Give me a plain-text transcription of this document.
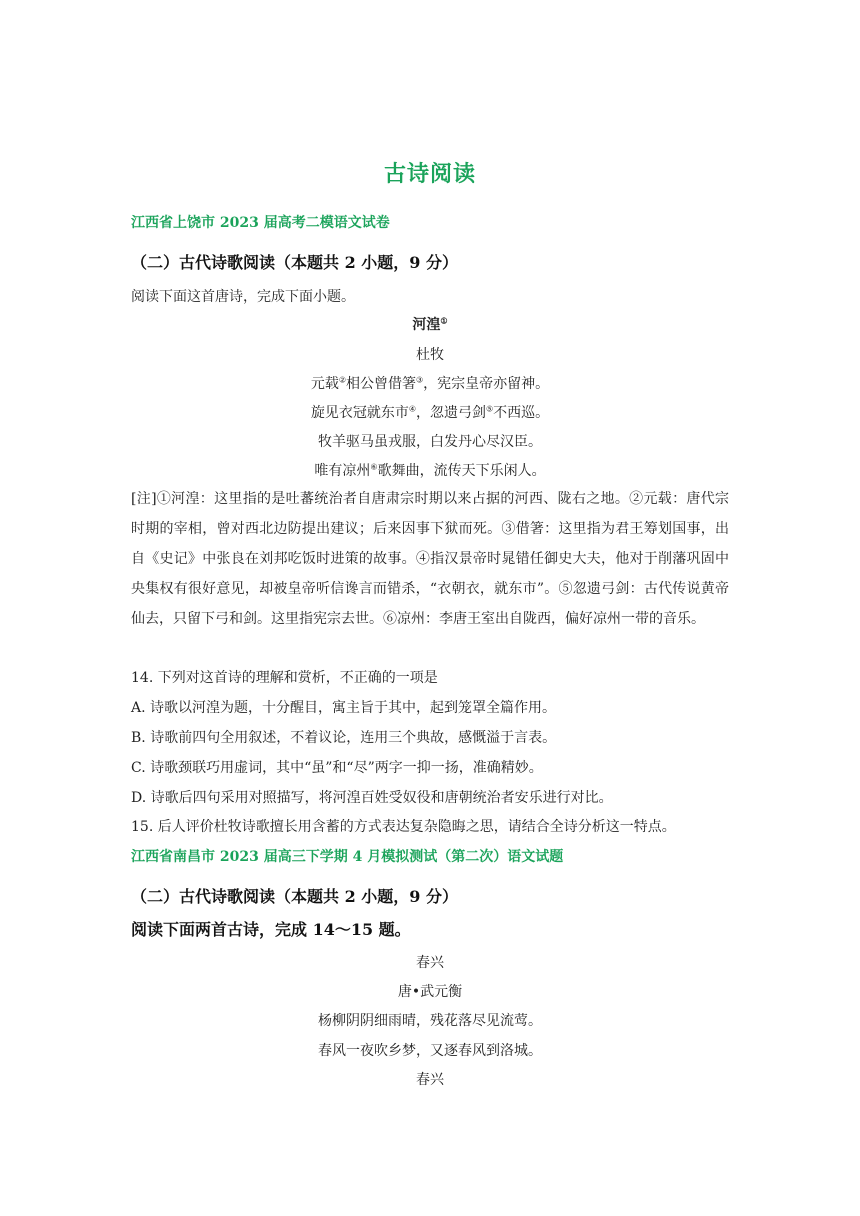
古诗阅读
江西省上饶市 2023 届高考二模语文试卷
（二）古代诗歌阅读（本题共 2 小题，9 分）
阅读下面这首唐诗，完成下面小题。
河湟①
杜牧
元载②相公曾借箸③，宪宗皇帝亦留神。
旋见衣冠就东市④，忽遗弓剑⑤不西巡。
牧羊驱马虽戎服，白发丹心尽汉臣。
唯有凉州⑥歌舞曲，流传天下乐闲人。
[注]①河湟：这里指的是吐蕃统治者自唐肃宗时期以来占据的河西、陇右之地。②元载：唐代宗时期的宰相，曾对西北边防提出建议；后来因事下狱而死。③借箸：这里指为君王筹划国事，出自《史记》中张良在刘邦吃饭时进策的故事。④指汉景帝时晁错任御史大夫，他对于削藩巩固中央集权有很好意见，却被皇帝听信谗言而错杀，“衣朝衣，就东市”。⑤忽遗弓剑：古代传说黄帝仙去，只留下弓和剑。这里指宪宗去世。⑥凉州：李唐王室出自陇西，偏好凉州一带的音乐。
14. 下列对这首诗的理解和赏析，不正确的一项是
A. 诗歌以河湟为题，十分醒目，寓主旨于其中，起到笼罩全篇作用。
B. 诗歌前四句全用叙述，不着议论，连用三个典故，感慨溢于言表。
C. 诗歌颈联巧用虚词，其中“虽”和“尽”两字一抑一扬，准确精妙。
D. 诗歌后四句采用对照描写，将河湟百姓受奴役和唐朝统治者安乐进行对比。
15. 后人评价杜牧诗歌擅长用含蓄的方式表达复杂隐晦之思，请结合全诗分析这一特点。
江西省南昌市 2023 届高三下学期 4 月模拟测试（第二次）语文试题
（二）古代诗歌阅读（本题共 2 小题，9 分）
阅读下面两首古诗，完成 14～15 题。
春兴
唐•武元衡
杨柳阴阴细雨晴，残花落尽见流莺。
春风一夜吹乡梦，又逐春风到洛城。
春兴
